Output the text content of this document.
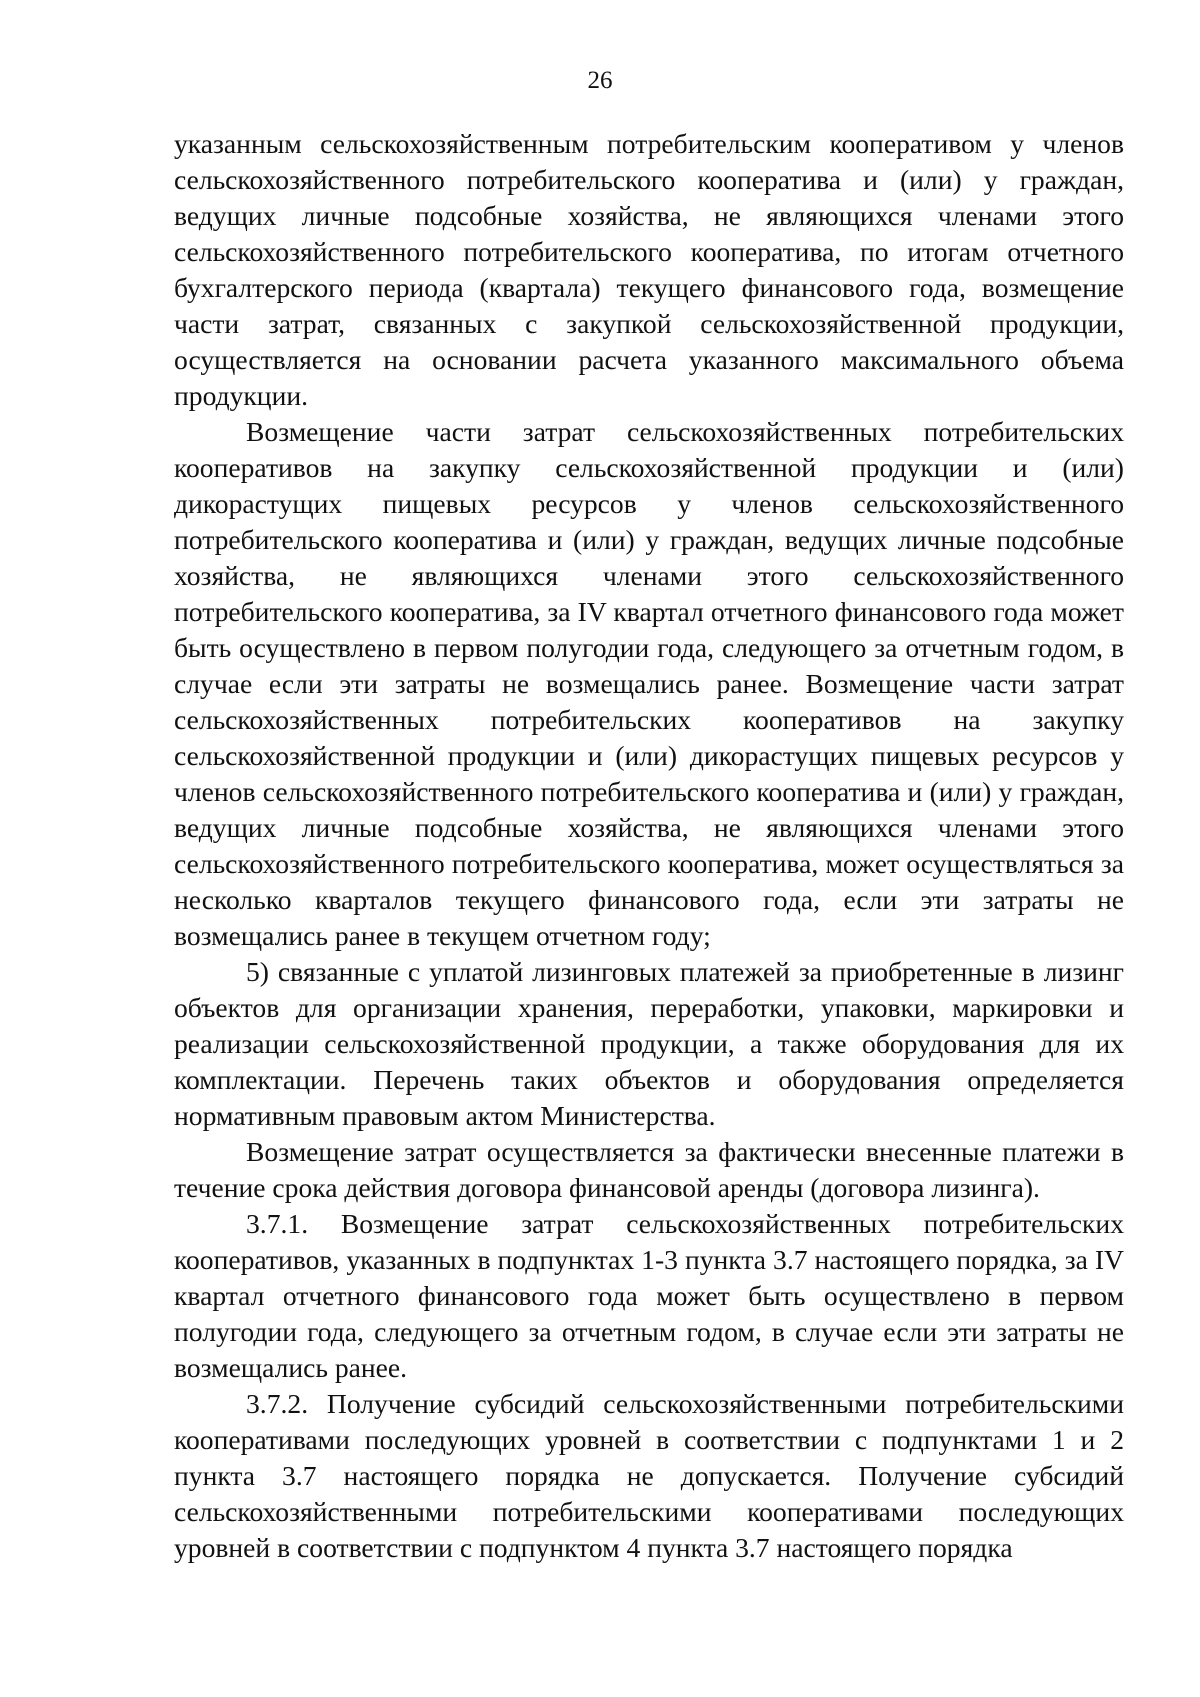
26

указанным сельскохозяйственным потребительским кооперативом у членов сельскохозяйственного потребительского кооператива и (или) у граждан, ведущих личные подсобные хозяйства, не являющихся членами этого сельскохозяйственного потребительского кооператива, по итогам отчетного бухгалтерского периода (квартала) текущего финансового года, возмещение части затрат, связанных с закупкой сельскохозяйственной продукции, осуществляется на основании расчета указанного максимального объема продукции.

Возмещение части затрат сельскохозяйственных потребительских кооперативов на закупку сельскохозяйственной продукции и (или) дикорастущих пищевых ресурсов у членов сельскохозяйственного потребительского кооператива и (или) у граждан, ведущих личные подсобные хозяйства, не являющихся членами этого сельскохозяйственного потребительского кооператива, за IV квартал отчетного финансового года может быть осуществлено в первом полугодии года, следующего за отчетным годом, в случае если эти затраты не возмещались ранее. Возмещение части затрат сельскохозяйственных потребительских кооперативов на закупку сельскохозяйственной продукции и (или) дикорастущих пищевых ресурсов у членов сельскохозяйственного потребительского кооператива и (или) у граждан, ведущих личные подсобные хозяйства, не являющихся членами этого сельскохозяйственного потребительского кооператива, может осуществляться за несколько кварталов текущего финансового года, если эти затраты не возмещались ранее в текущем отчетном году;

5) связанные с уплатой лизинговых платежей за приобретенные в лизинг объектов для организации хранения, переработки, упаковки, маркировки и реализации сельскохозяйственной продукции, а также оборудования для их комплектации. Перечень таких объектов и оборудования определяется нормативным правовым актом Министерства.

Возмещение затрат осуществляется за фактически внесенные платежи в течение срока действия договора финансовой аренды (договора лизинга).

3.7.1. Возмещение затрат сельскохозяйственных потребительских кооперативов, указанных в подпунктах 1-3 пункта 3.7 настоящего порядка, за IV квартал отчетного финансового года может быть осуществлено в первом полугодии года, следующего за отчетным годом, в случае если эти затраты не возмещались ранее.

3.7.2. Получение субсидий сельскохозяйственными потребительскими кооперативами последующих уровней в соответствии с подпунктами 1 и 2 пункта 3.7 настоящего порядка не допускается. Получение субсидий сельскохозяйственными потребительскими кооперативами последующих уровней в соответствии с подпунктом 4 пункта 3.7 настоящего порядка
